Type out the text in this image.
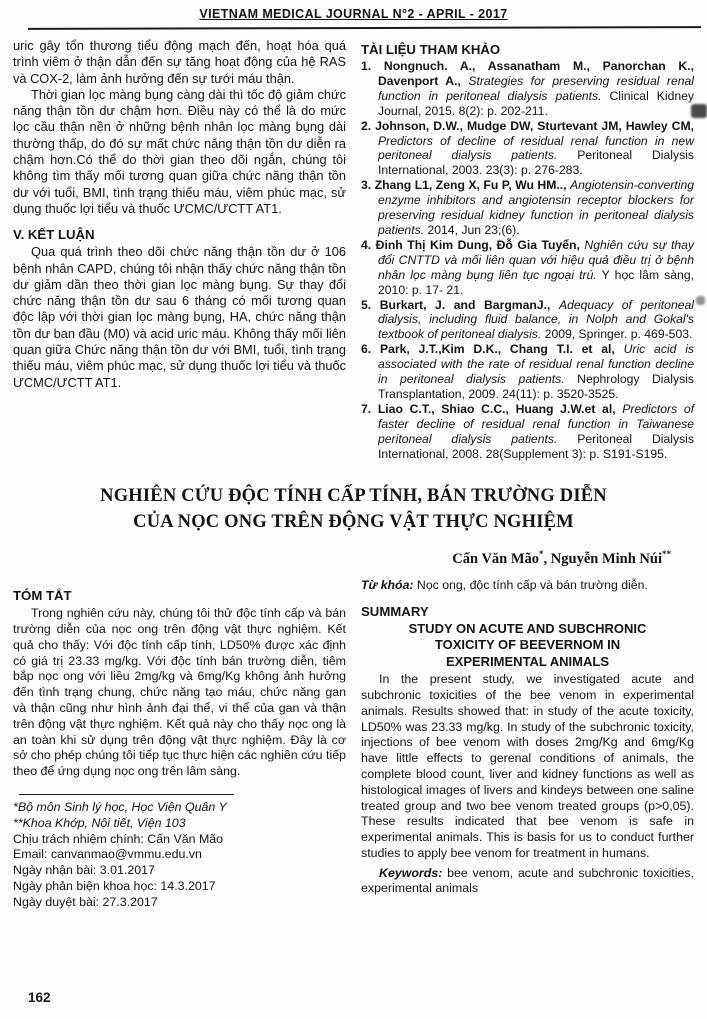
VIETNAM MEDICAL JOURNAL N°2 - APRIL - 2017

uric gây tổn thương tiểu động mạch đến, hoạt hóa quá trình viêm ở thận dẫn đến sự tăng hoạt động của hệ RAS và COX-2, làm ảnh hưởng đến sự tưới máu thận.

Thời gian lọc màng bụng càng dài thì tốc độ giảm chức năng thận tồn dư chậm hơn. Điều này có thể là do mức lọc cầu thận nền ở những bệnh nhân lọc màng bụng dài thường thấp, do đó sự mất chức năng thận tồn dư diễn ra chậm hơn.Có thể do thời gian theo dõi ngắn, chúng tôi không tìm thấy mối tương quan giữa chức năng thận tồn dư với tuổi, BMI, tình trạng thiếu máu, viêm phúc mạc, sử dụng thuốc lợi tiểu và thuốc ƯCMC/ƯCTT AT1.

V. KẾT LUẬN

Qua quá trình theo dõi chức năng thận tồn dư ở 106 bệnh nhân CAPD, chúng tôi nhận thấy chức năng thận tồn dư giảm dần theo thời gian lọc màng bụng. Sự thay đổi chức năng thận tồn dư sau 6 tháng có mối tương quan độc lập với thời gian lọc màng bụng, HA, chức năng thận tồn dư ban đầu (M0) và acid uric máu. Không thấy mối liên quan giữa Chức năng thận tồn dư với BMI, tuổi, tình trạng thiếu máu, viêm phúc mạc, sử dụng thuốc lợi tiểu và thuốc ƯCMC/ƯCTT AT1.

TÀI LIỆU THAM KHẢO
1. Nongnuch. A., Assanatham M., Panorchan K., Davenport A., Strategies for preserving residual renal function in peritoneal dialysis patients. Clinical Kidney Journal, 2015. 8(2): p. 202-211.
2. Johnson, D.W., Mudge DW, Sturtevant JM, Hawley CM, Predictors of decline of residual renal function in new peritoneal dialysis patients. Peritoneal Dialysis International, 2003. 23(3): p. 276-283.
3. Zhang L1, Zeng X, Fu P, Wu HM.., Angiotensin-converting enzyme inhibitors and angiotensin receptor blockers for preserving residual kidney function in peritoneal dialysis patients. 2014, Jun 23;(6).
4. Đinh Thị Kim Dung, Đỗ Gia Tuyển, Nghiên cứu sự thay đổi CNTTD và mối liên quan với hiệu quả điều trị ở bệnh nhân lọc màng bụng liên tục ngoại trú. Y học lâm sàng, 2010: p. 17- 21.
5. Burkart, J. and BargmanJ., Adequacy of peritoneal dialysis, including fluid balance, in Nolph and Gokal's textbook of peritoneal dialysis. 2009, Springer. p. 469-503.
6. Park, J.T.,Kim D.K., Chang T.I. et al, Uric acid is associated with the rate of residual renal function decline in peritoneal dialysis patients. Nephrology Dialysis Transplantation, 2009. 24(11): p. 3520-3525.
7. Liao C.T., Shiao C.C., Huang J.W.et al, Predictors of faster decline of residual renal function in Taiwanese peritoneal dialysis patients. Peritoneal Dialysis International, 2008. 28(Supplement 3): p. S191-S195.
NGHIÊN CỨU ĐỘC TÍNH CẤP TÍNH, BÁN TRƯỜNG DIỄN
CỦA NỌC ONG TRÊN ĐỘNG VẬT THỰC NGHIỆM
Cấn Văn Mão*, Nguyễn Minh Núi**
TÓM TẮT

Trong nghiên cứu này, chúng tôi thử độc tính cấp và bán trường diễn của nọc ong trên động vật thực nghiệm. Kết quả cho thấy: Với độc tính cấp tính, LD50% được xác định có giá trị 23.33 mg/kg. Với độc tính bán trường diễn, tiêm bắp nọc ong với liều 2mg/kg và 6mg/Kg không ảnh hưởng đến tình trạng chung, chức năng tạo máu, chức năng gan và thận cũng như hình ảnh đại thể, vi thể của gan và thận trên động vật thực nghiệm. Kết quả này cho thấy nọc ong là an toàn khi sử dụng trên động vật thực nghiệm. Đây là cơ sở cho phép chúng tôi tiếp tục thực hiện các nghiên cứu tiếp theo để ứng dụng nọc ong trên lâm sàng.

*Bộ môn Sinh lý học, Học Viện Quân Y

**Khoa Khớp, Nội tiết, Viện 103

Chịu trách nhiệm chính: Cấn Văn Mão

Email: canvanmao@vmmu.edu.vn

Ngày nhận bài: 3.01.2017

Ngày phản biện khoa học: 14.3.2017

Ngày duyệt bài: 27.3.2017

Từ khóa: Nọc ong, độc tính cấp và bán trường diễn.

SUMMARY
STUDY ON ACUTE AND SUBCHRONIC
TOXICITY OF BEEVERNOM IN
EXPERIMENTAL ANIMALS

In the present study, we investigated acute and subchronic toxicities of the bee venom in experimental animals. Results showed that: in study of the acute toxicity, LD50% was 23.33 mg/kg. In study of the subchronic toxicity, injections of bee venom with doses 2mg/Kg and 6mg/Kg have little effects to gerenal conditions of animals, the complete blood count, liver and kidney functions as well as histological images of livers and kindeys between one saline treated group and two bee venom treated groups (p>0,05). These results indicated that bee venom is safe in experimental animals. This is basis for us to conduct further studies to apply bee venom for treatment in humans.

Keywords: bee venom, acute and subchronic toxicities, experimental animals

162
